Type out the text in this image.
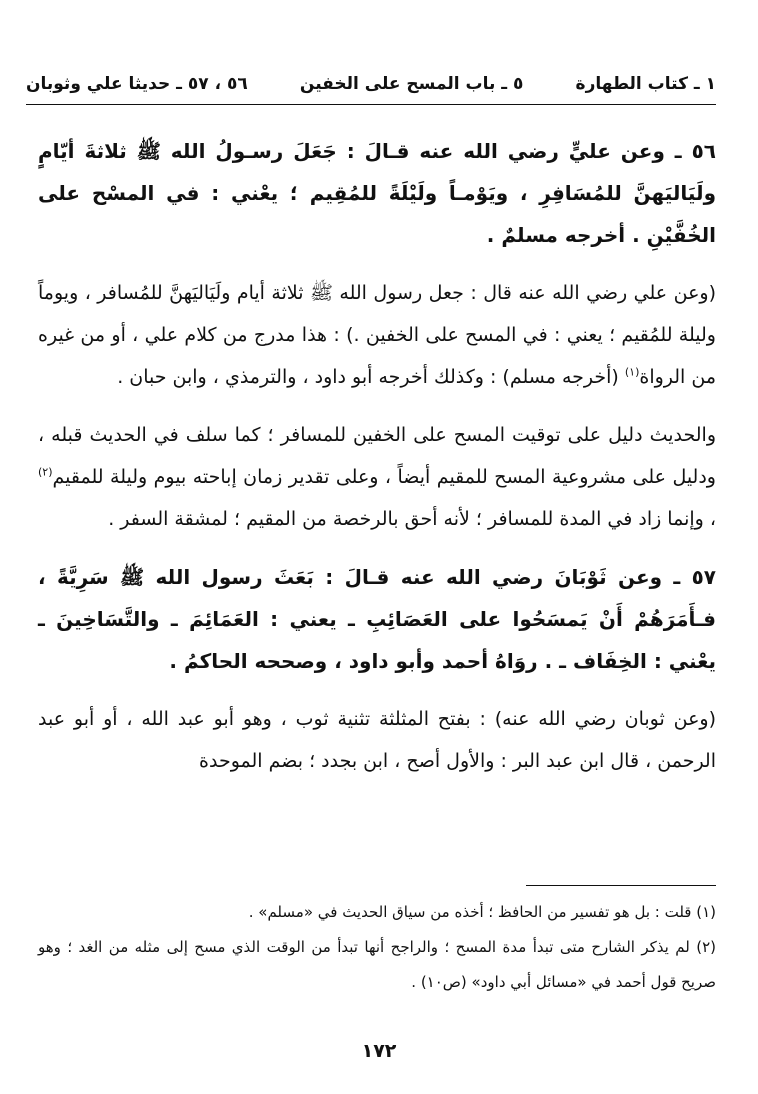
١ ـ كتاب الطهارة
٥ ـ باب المسح على الخفين
٥٦ ، ٥٧ ـ حديثا علي وثوبان

٥٦ ـ وعن عليٍّ رضي الله عنه قـالَ : جَعَلَ رسـولُ الله ﷺ ثلاثةَ أيّامٍ ولَيَاليَهنَّ للمُسَافِرِ ، ويَوْمـاً ولَيْلَةً للمُقِيم ؛ يعْني : في المسْح على الخُفَّيْنِ . أخرجه مسلمٌ .

(وعن علي رضي الله عنه قال : جعل رسول الله ﷺ ثلاثة أيام ولَيَاليَهنَّ للمُسافر ، ويوماً وليلة للمُقيم ؛ يعني : في المسح على الخفين .) : هذا مدرج من كلام علي ، أو من غيره من الرواة$^{(١)}$ (أخرجه مسلم) : وكذلك أخرجه أبو داود ، والترمذي ، وابن حبان .

والحديث دليل على توقيت المسح على الخفين للمسافر ؛ كما سلف في الحديث قبله ، ودليل على مشروعية المسح للمقيم أيضاً ، وعلى تقدير زمان إباحته بيوم وليلة للمقيم$^{(٢)}$ ، وإنما زاد في المدة للمسافر ؛ لأنه أحق بالرخصة من المقيم ؛ لمشقة السفر .

٥٧ ـ وعن ثَوْبَانَ رضي الله عنه قـالَ : بَعَثَ رسول الله ﷺ سَرِيَّةً ، فـأَمَرَهُمْ أَنْ يَمسَحُوا على العَصَائِبِ ـ يعني : العَمَائِمَ ـ والتَّسَاخِينَ ـ يعْني : الخِفَاف ـ . روَاهُ أحمد وأبو داود ، وصححه الحاكمُ .

(وعن ثوبان رضي الله عنه) : بفتح المثلثة تثنية ثوب ، وهو أبو عبد الله ، أو أبو عبد الرحمن ، قال ابن عبد البر : والأول أصح ، ابن بجدد ؛ بضم الموحدة

(١) قلت : بل هو تفسير من الحافظ ؛ أخذه من سياق الحديث في «مسلم» .

(٢) لم يذكر الشارح متى تبدأ مدة المسح ؛ والراجح أنها تبدأ من الوقت الذي مسح إلى مثله من الغد ؛ وهو صريح قول أحمد في «مسائل أبي داود» (ص١٠) .

١٧٢
